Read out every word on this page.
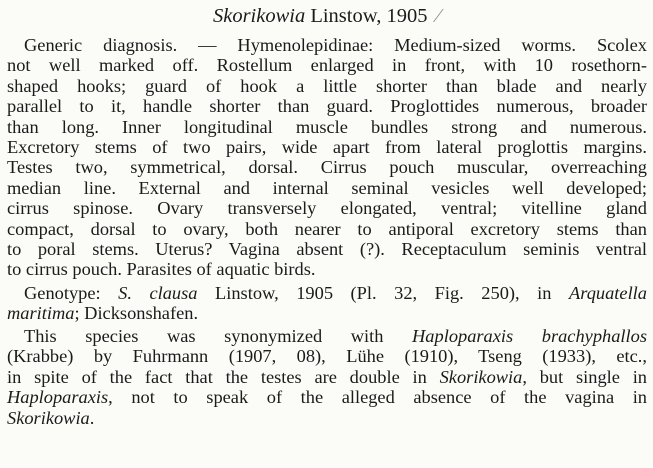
Skorikowia Linstow, 1905 ⁄
Generic diagnosis. — Hymenolepidinae: Medium-sized worms. Scolex
not well marked off. Rostellum enlarged in front, with 10 rosethorn-
shaped hooks; guard of hook a little shorter than blade and nearly
parallel to it, handle shorter than guard. Proglottides numerous, broader
than long. Inner longitudinal muscle bundles strong and numerous.
Excretory stems of two pairs, wide apart from lateral proglottis margins.
Testes two, symmetrical, dorsal. Cirrus pouch muscular, overreaching
median line. External and internal seminal vesicles well developed;
cirrus spinose. Ovary transversely elongated, ventral; vitelline gland
compact, dorsal to ovary, both nearer to antiporal excretory stems than
to poral stems. Uterus? Vagina absent (?). Receptaculum seminis ventral
to cirrus pouch. Parasites of aquatic birds.
Genotype: S. clausa Linstow, 1905 (Pl. 32, Fig. 250), in Arquatella
maritima; Dicksonshafen.
This species was synonymized with Haploparaxis brachyphallos
(Krabbe) by Fuhrmann (1907, 08), Lühe (1910), Tseng (1933), etc.,
in spite of the fact that the testes are double in Skorikowia, but single in
Haploparaxis, not to speak of the alleged absence of the vagina in
Skorikowia.
